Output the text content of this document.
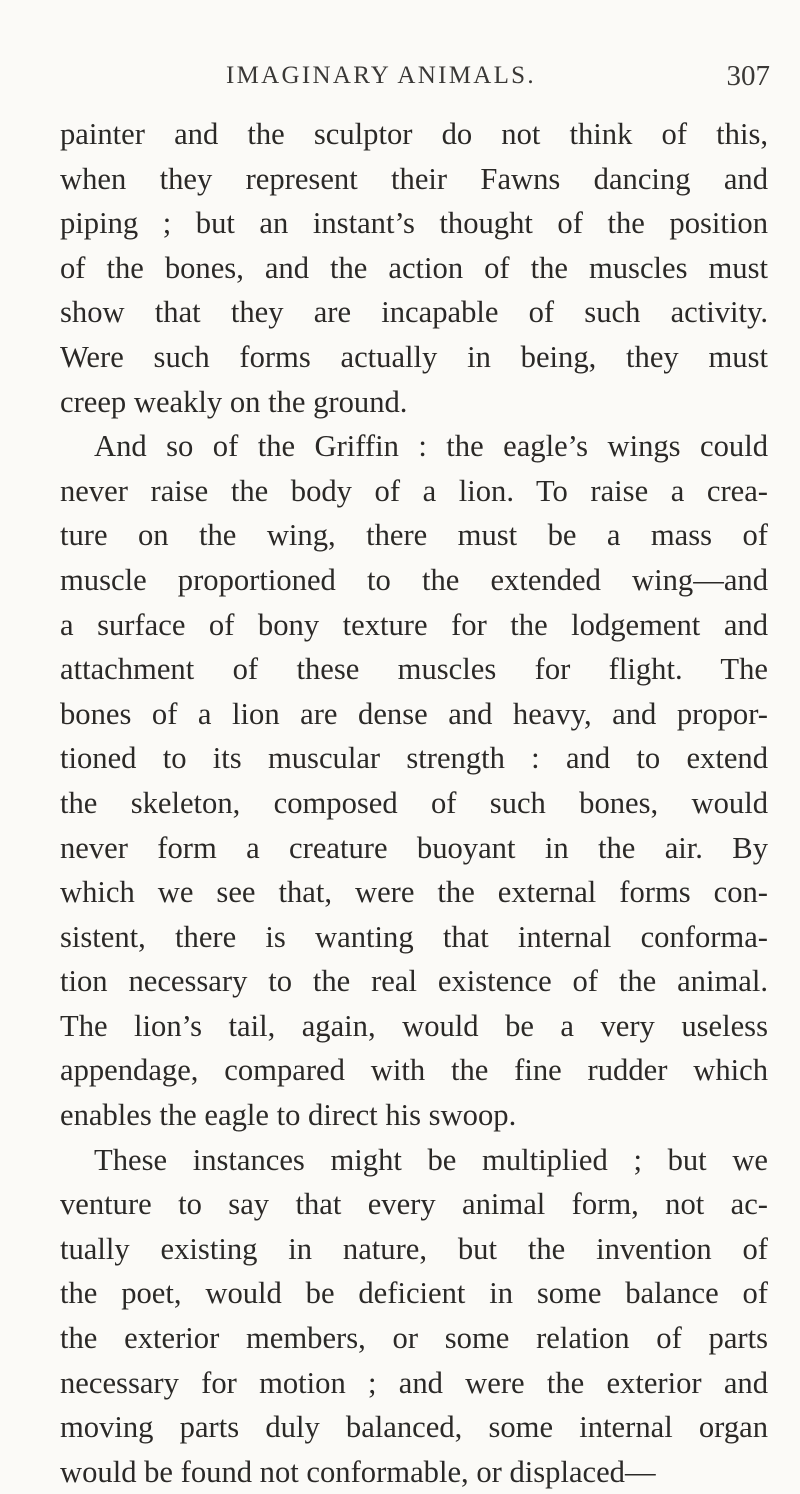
IMAGINARY ANIMALS.	307
painter and the sculptor do not think of this,
when they represent their Fawns dancing and
piping ; but an instant’s thought of the position
of the bones, and the action of the muscles must
show that they are incapable of such activity.
Were such forms actually in being, they must
creep weakly on the ground.
And so of the Griffin : the eagle’s wings could
never raise the body of a lion. To raise a crea-
ture on the wing, there must be a mass of
muscle proportioned to the extended wing—and
a surface of bony texture for the lodgement and
attachment of these muscles for flight. The
bones of a lion are dense and heavy, and propor-
tioned to its muscular strength : and to extend
the skeleton, composed of such bones, would
never form a creature buoyant in the air. By
which we see that, were the external forms con-
sistent, there is wanting that internal conforma-
tion necessary to the real existence of the animal.
The lion’s tail, again, would be a very useless
appendage, compared with the fine rudder which
enables the eagle to direct his swoop.
These instances might be multiplied ; but we
venture to say that every animal form, not ac-
tually existing in nature, but the invention of
the poet, would be deficient in some balance of
the exterior members, or some relation of parts
necessary for motion ; and were the exterior and
moving parts duly balanced, some internal organ
would be found not conformable, or displaced—
